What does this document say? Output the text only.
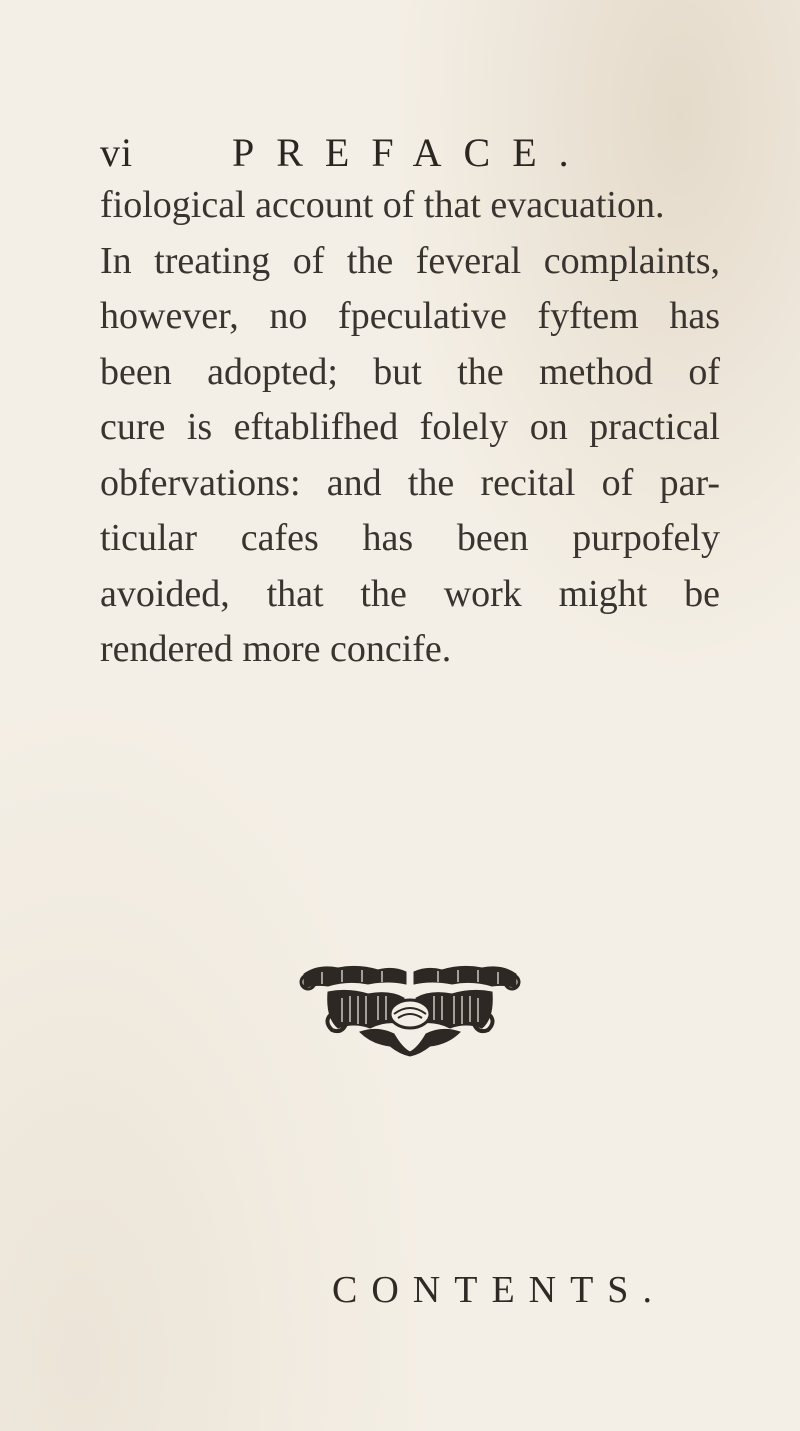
vi PREFACE.
fiological account of that evacuation.
In treating of the feveral complaints,
however, no fpeculative fyftem has
been adopted; but the method of
cure is eftablifhed folely on practical
obfervations: and the recital of par-
ticular cafes has been purpofely
avoided, that the work might be
rendered more concife.
CONTENTS.
